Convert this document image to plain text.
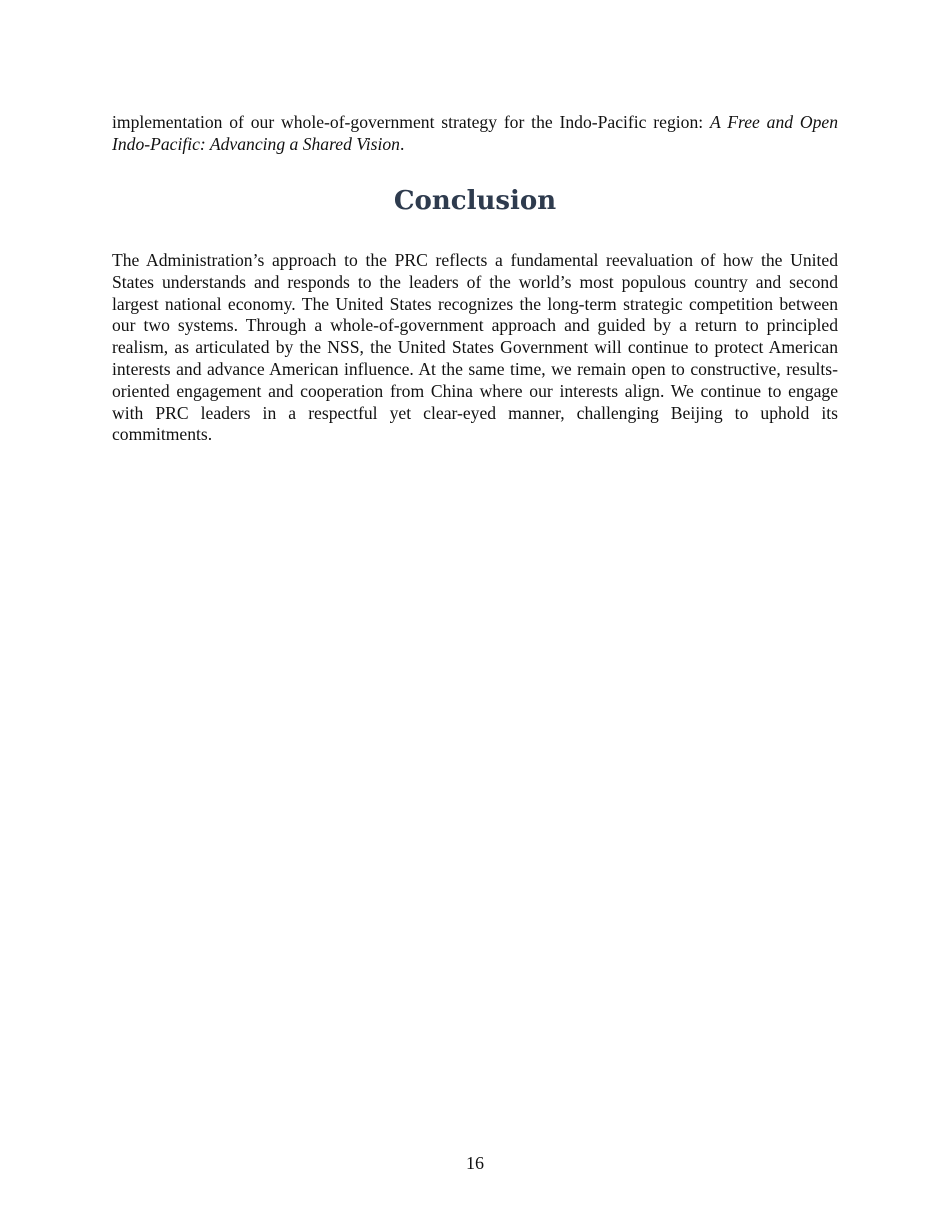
implementation of our whole-of-government strategy for the Indo-Pacific region: A Free and Open Indo-Pacific: Advancing a Shared Vision.

Conclusion

The Administration’s approach to the PRC reflects a fundamental reevaluation of how the United States understands and responds to the leaders of the world’s most populous country and second largest national economy. The United States recognizes the long-term strategic competition between our two systems. Through a whole-of-government approach and guided by a return to principled realism, as articulated by the NSS, the United States Government will continue to protect American interests and advance American influence. At the same time, we remain open to constructive, results-oriented engagement and cooperation from China where our interests align. We continue to engage with PRC leaders in a respectful yet clear-eyed manner, challenging Beijing to uphold its commitments.

16
